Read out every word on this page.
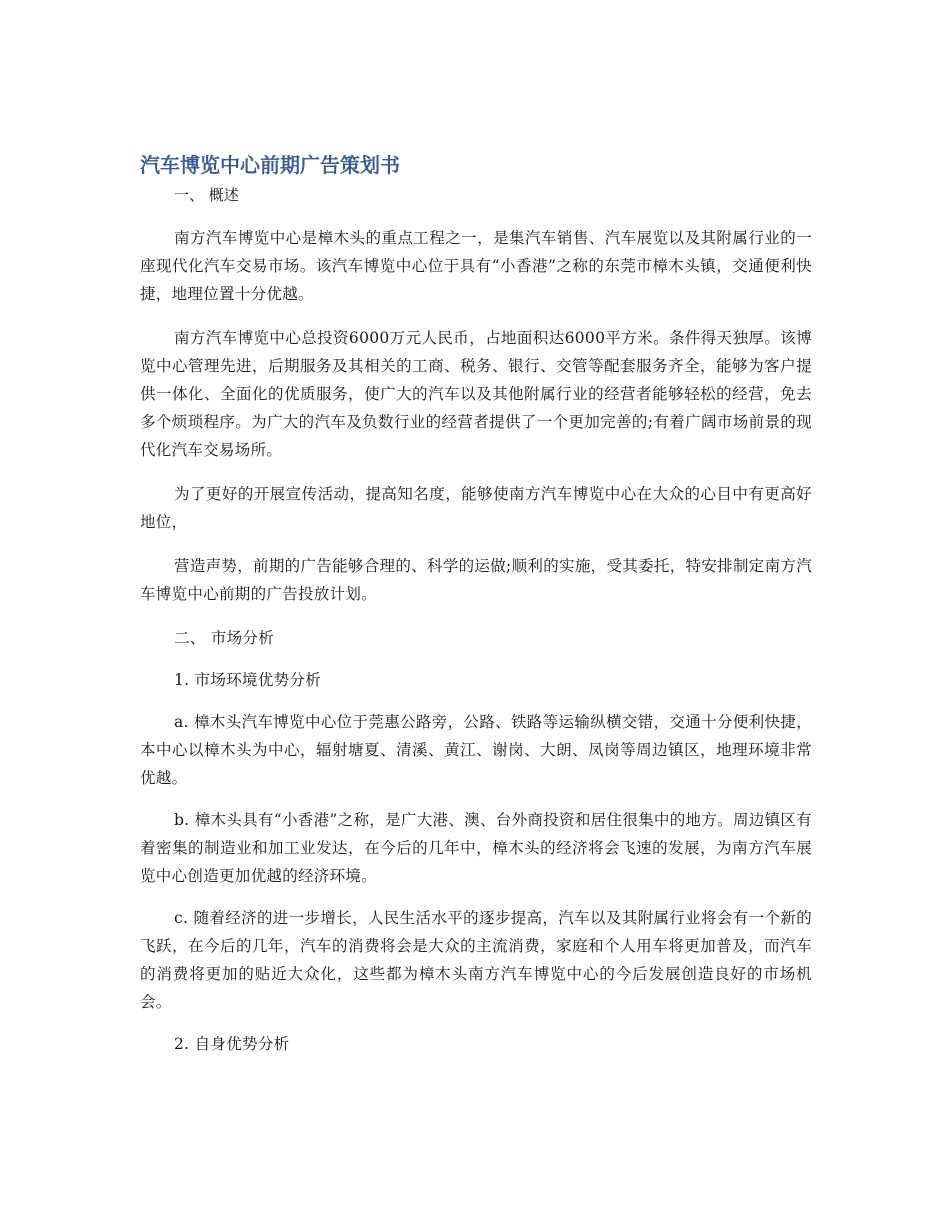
汽车博览中心前期广告策划书

一、 概述

南方汽车博览中心是樟木头的重点工程之一，是集汽车销售、汽车展览以及其附属行业的一座现代化汽车交易市场。该汽车博览中心位于具有“小香港”之称的东莞市樟木头镇，交通便利快捷，地理位置十分优越。

南方汽车博览中心总投资6000万元人民币，占地面积达6000平方米。条件得天独厚。该博览中心管理先进，后期服务及其相关的工商、税务、银行、交管等配套服务齐全，能够为客户提供一体化、全面化的优质服务，使广大的汽车以及其他附属行业的经营者能够轻松的经营，免去多个烦琐程序。为广大的汽车及负数行业的经营者提供了一个更加完善的;有着广阔市场前景的现代化汽车交易场所。

为了更好的开展宣传活动，提高知名度，能够使南方汽车博览中心在大众的心目中有更高好地位，

营造声势，前期的广告能够合理的、科学的运做;顺利的实施，受其委托，特安排制定南方汽车博览中心前期的广告投放计划。

二、 市场分析

1. 市场环境优势分析

a. 樟木头汽车博览中心位于莞惠公路旁，公路、铁路等运输纵横交错，交通十分便利快捷，本中心以樟木头为中心，辐射塘夏、清溪、黄江、谢岗、大朗、凤岗等周边镇区，地理环境非常优越。

b. 樟木头具有“小香港”之称，是广大港、澳、台外商投资和居住很集中的地方。周边镇区有着密集的制造业和加工业发达，在今后的几年中，樟木头的经济将会飞速的发展，为南方汽车展览中心创造更加优越的经济环境。

c. 随着经济的进一步增长，人民生活水平的逐步提高，汽车以及其附属行业将会有一个新的飞跃，在今后的几年，汽车的消费将会是大众的主流消费，家庭和个人用车将更加普及，而汽车的消费将更加的贴近大众化，这些都为樟木头南方汽车博览中心的今后发展创造良好的市场机会。

2. 自身优势分析
